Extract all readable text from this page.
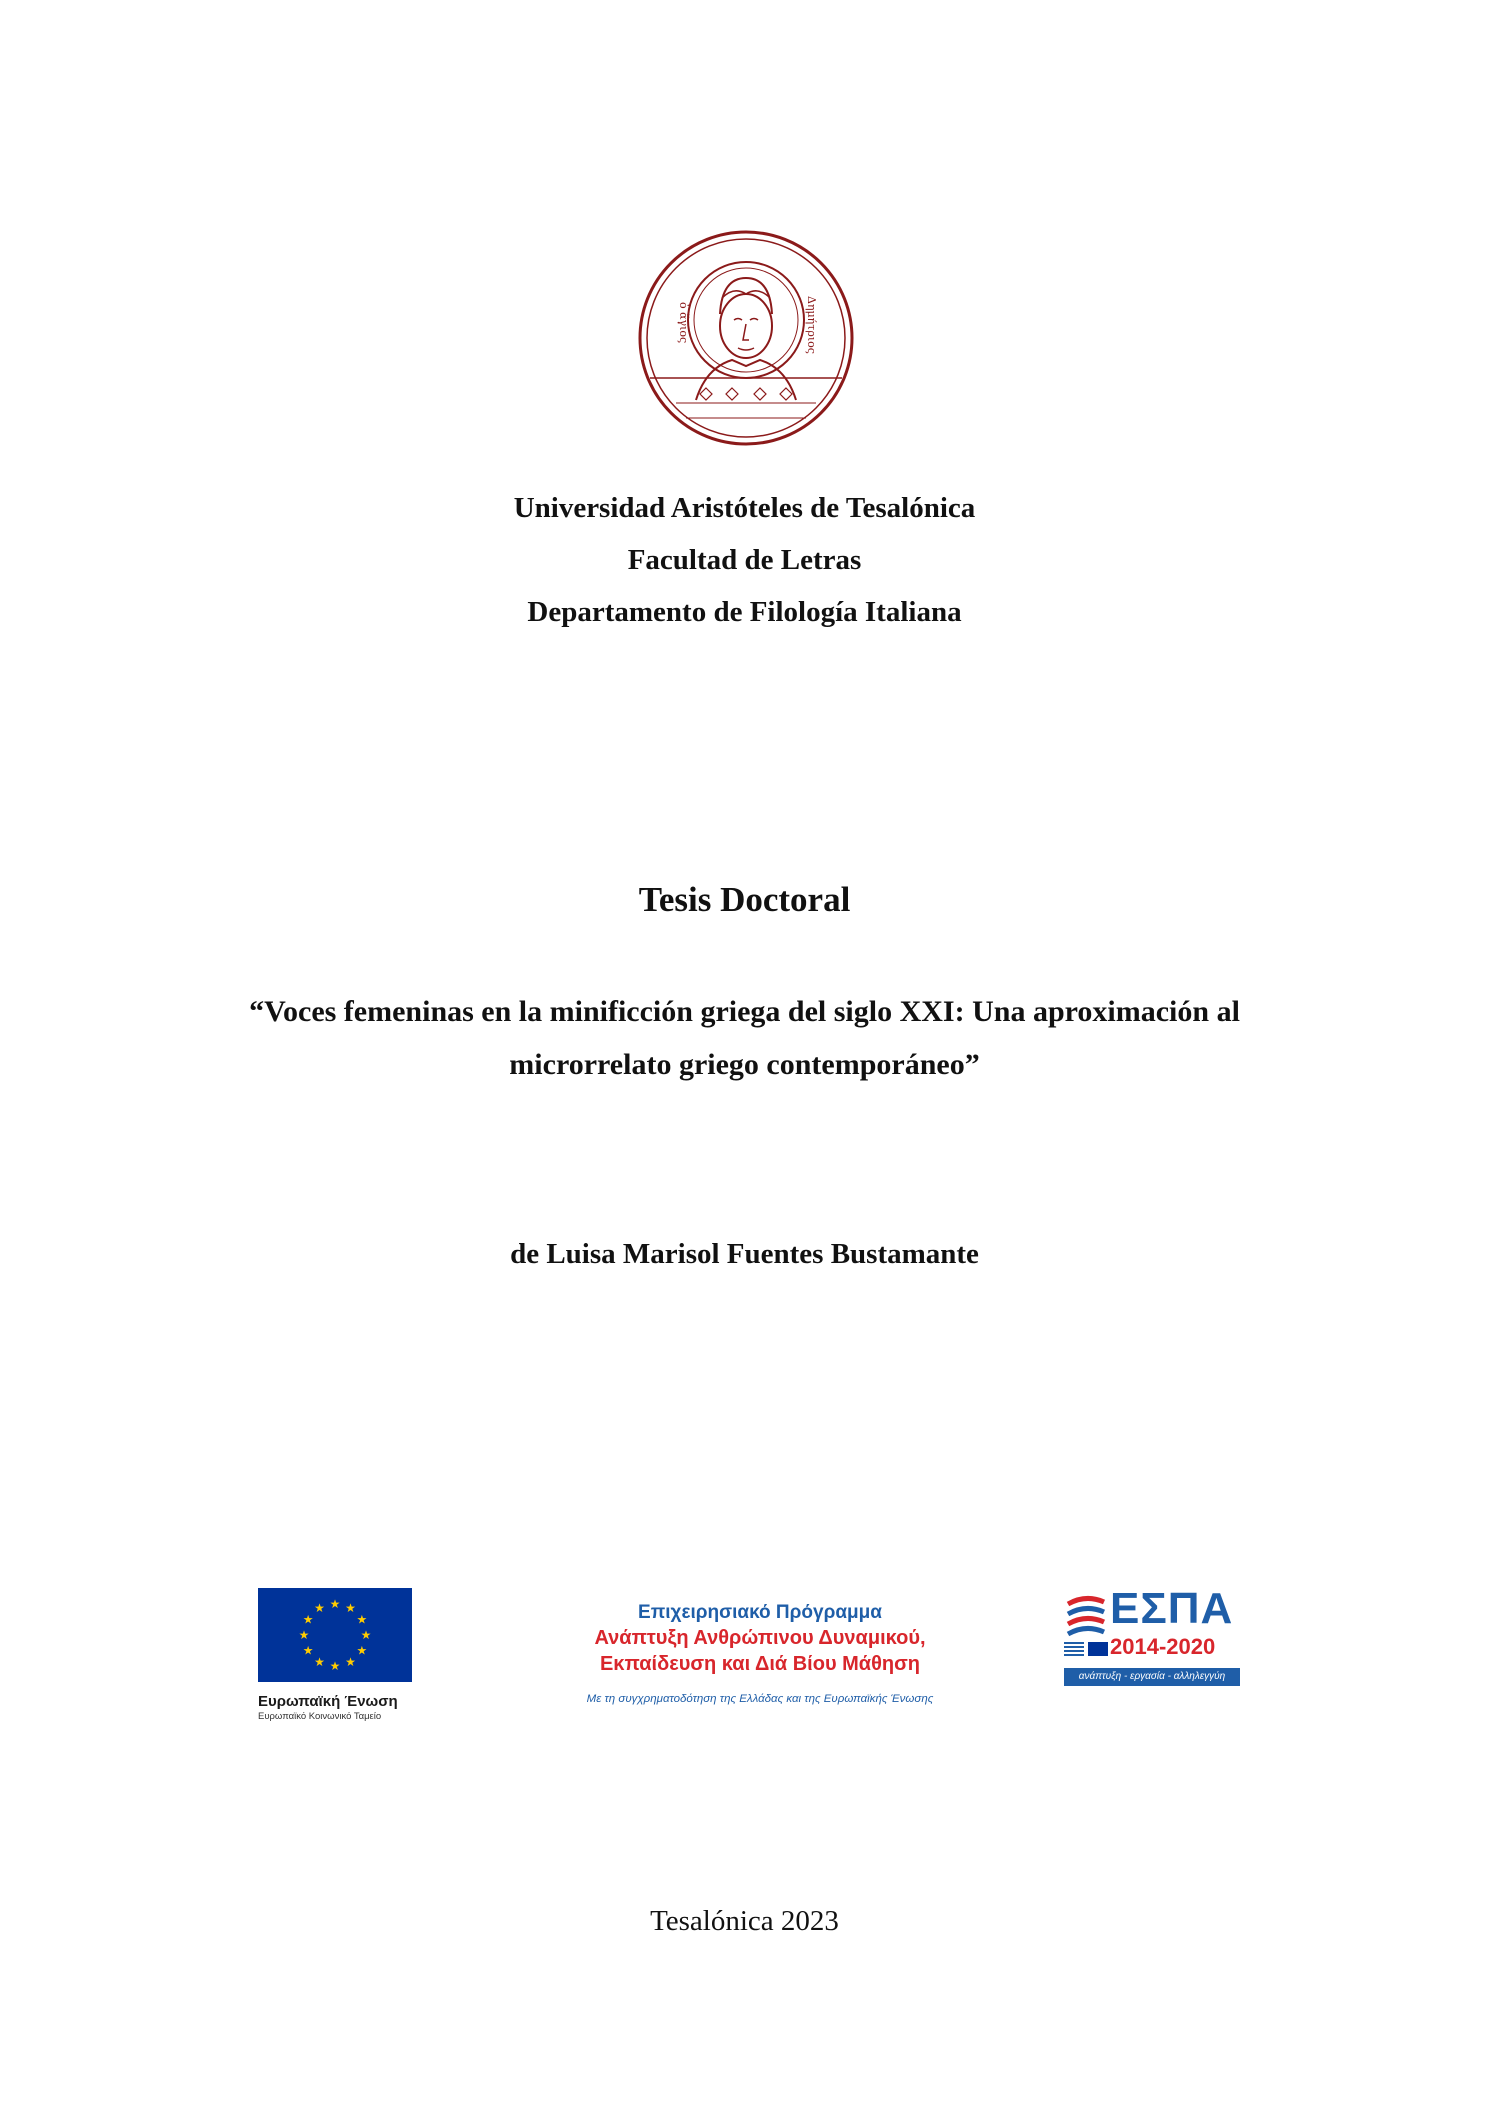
ὁ ἅγιος	Δημήτριος
Universidad Aristóteles de Tesalónica
Facultad de Letras
Departamento de Filología Italiana
Tesis Doctoral
“Voces femeninas en la minificción griega del siglo XXI: Una aproximación al
microrrelato griego contemporáneo”
de Luisa Marisol Fuentes Bustamante
★ ★
★
★
★
★
★
★
★
★
★
★
Ευρωπαϊκή Ένωση
Ευρωπαϊκό Κοινωνικό Ταμείο
Επιχειρησιακό Πρόγραμμα
Ανάπτυξη Ανθρώπινου Δυναμικού,
Εκπαίδευση και Διά Βίου Μάθηση
Με τη συγχρηματοδότηση της Ελλάδας και της Ευρωπαϊκής Ένωσης
ΕΣΠΑ
2014-2020
ανάπτυξη - εργασία - αλληλεγγύη
Tesalónica 2023
